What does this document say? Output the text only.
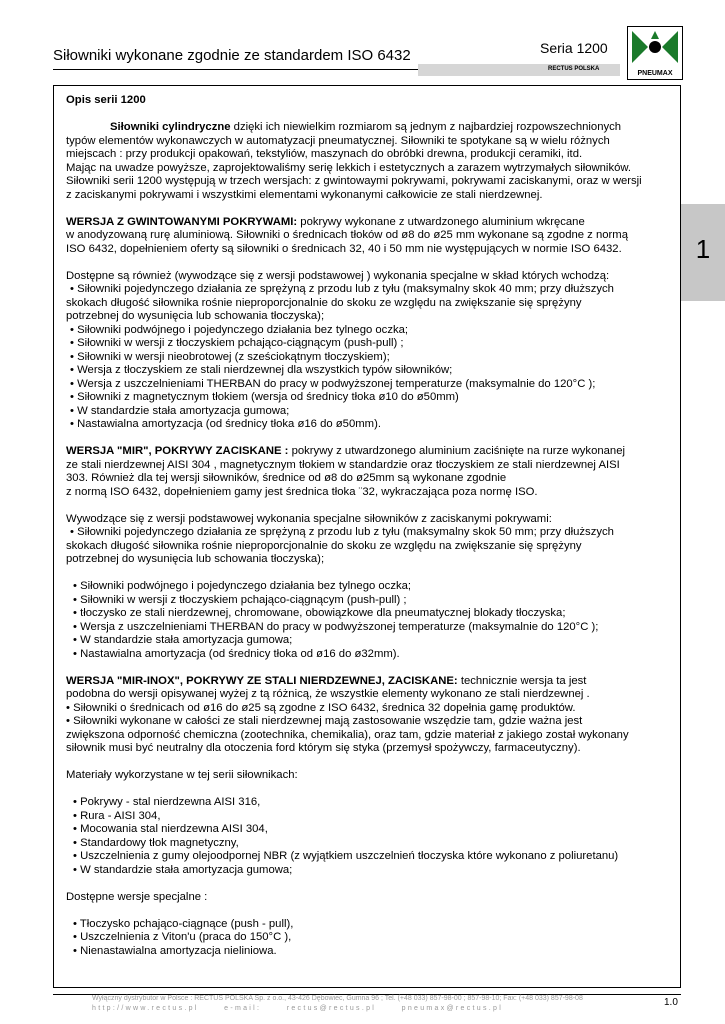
Siłowniki wykonane zgodnie ze standardem ISO 6432	Seria 1200
RECTUS POLSKA
PNEUMAX
1

Opis serii 1200

Siłowniki cylindryczne dzięki ich niewielkim rozmiarom są jednym z najbardziej rozpowszechnionych

typów elementów wykonawczych w automatyzacji pneumatycznej. Siłowniki te spotykane są w wielu różnych

miejscach : przy produkcji opakowań, tekstyliów, maszynach do obróbki drewna, produkcji ceramiki, itd.

Mając na uwadze powyższe, zaprojektowaliśmy serię lekkich i estetycznych a zarazem wytrzymałych siłowników.

Siłowniki serii 1200 występują w trzech wersjach: z gwintowaymi pokrywami, pokrywami zaciskanymi, oraz w wersji

z zaciskanymi pokrywami i wszystkimi elementami wykonanymi całkowicie ze stali nierdzewnej.

WERSJA Z GWINTOWANYMI POKRYWAMI: pokrywy wykonane z utwardzonego aluminium wkręcane

w anodyzowaną rurę aluminiową. Siłowniki o średnicach tłoków od ø8 do ø25 mm wykonane są zgodne z normą

ISO 6432, dopełnieniem oferty są siłowniki o średnicach 32, 40 i 50 mm nie występujących w normie ISO 6432.

Dostępne są również (wywodzące się z wersji podstawowej ) wykonania specjalne w skład których wchodzą:

• Siłowniki pojedynczego działania ze sprężyną z przodu lub z tyłu (maksymalny skok 40 mm; przy dłuższych

skokach długość siłownika rośnie nieproporcjonalnie do skoku ze względu na zwiększanie się sprężyny

potrzebnej do wysunięcia lub schowania tłoczyska);

• Siłowniki podwójnego i pojedynczego działania bez tylnego oczka;

• Siłowniki w wersji z tłoczyskiem pchająco-ciągnącym (push-pull) ;

• Siłowniki w wersji nieobrotowej (z sześciokątnym tłoczyskiem);

• Wersja z tłoczyskiem ze stali nierdzewnej dla wszystkich typów siłowników;

• Wersja z uszczelnieniami THERBAN do pracy w podwyższonej temperaturze (maksymalnie do 120°C );

• Siłowniki z magnetycznym tłokiem (wersja od średnicy tłoka ø10 do ø50mm)

• W standardzie stała amortyzacja gumowa;

• Nastawialna amortyzacja (od średnicy tłoka ø16 do ø50mm).

WERSJA "MIR", POKRYWY ZACISKANE : pokrywy z utwardzonego aluminium zaciśnięte na rurze wykonanej

ze stali nierdzewnej AISI 304 , magnetycznym tłokiem w standardzie oraz tłoczyskiem ze stali nierdzewnej AISI

303. Również dla tej wersji siłowników, średnice od ø8 do ø25mm są wykonane zgodnie

z normą ISO 6432, dopełnieniem gamy jest średnica tłoka ¨32, wykraczająca poza normę ISO.

Wywodzące się z wersji podstawowej wykonania specjalne siłowników z zaciskanymi pokrywami:

• Siłowniki pojedynczego działania ze sprężyną z przodu lub z tyłu (maksymalny skok 50 mm; przy dłuższych

skokach długość siłownika rośnie nieproporcjonalnie do skoku ze względu na zwiększanie się sprężyny

potrzebnej do wysunięcia lub schowania tłoczyska);

• Siłowniki podwójnego i pojedynczego działania bez tylnego oczka;

• Siłowniki w wersji z tłoczyskiem pchająco-ciągnącym (push-pull) ;

• tłoczysko ze stali nierdzewnej, chromowane, obowiązkowe dla pneumatycznej blokady tłoczyska;

• Wersja z uszczelnieniami THERBAN do pracy w podwyższonej temperaturze (maksymalnie do 120°C );

• W standardzie stała amortyzacja gumowa;

• Nastawialna amortyzacja (od średnicy tłoka od ø16 do ø32mm).

WERSJA "MIR-INOX", POKRYWY ZE STALI NIERDZEWNEJ, ZACISKANE: technicznie wersja ta jest

podobna do wersji opisywanej wyżej z tą różnicą, że wszystkie elementy wykonano ze stali nierdzewnej .

• Siłowniki o średnicach od ø16 do ø25 są zgodne z ISO 6432, średnica 32 dopełnia gamę produktów.

• Siłowniki wykonane w całości ze stali nierdzewnej mają zastosowanie wszędzie tam, gdzie ważna jest

zwiększona odporność chemiczna (zootechnika, chemikalia), oraz tam, gdzie materiał z jakiego został wykonany

siłownik musi być neutralny dla otoczenia ford którym się styka (przemysł spożywczy, farmaceutyczny).

Materiały wykorzystane w tej serii siłownikach:

• Pokrywy - stal nierdzewna AISI 316,

• Rura - AISI 304,

• Mocowania stal nierdzewna AISI 304,

• Standardowy tłok magnetyczny,

• Uszczelnienia z gumy olejoodpornej NBR (z wyjątkiem uszczelnień tłoczyska które wykonano z poliuretanu)

• W standardzie stała amortyzacja gumowa;

Dostępne wersje specjalne :

• Tłoczysko pchająco-ciągnące (push - pull),

• Uszczelnienia z Viton'u (praca do 150°C ),

• Nienastawialna amortyzacja nieliniowa.

Wyłączny dystrybutor w Polsce : RECTUS POLSKA Sp. z o.o., 43-426 Dębowiec, Gumna 96 ; Tel. (+48 033) 857-98-00 ; 857-98-10; Fax: (+48 033) 857-98-08
http://www.rectus.pl      e-mail:      rectus@rectus.pl      pneumax@rectus.pl
1.0
